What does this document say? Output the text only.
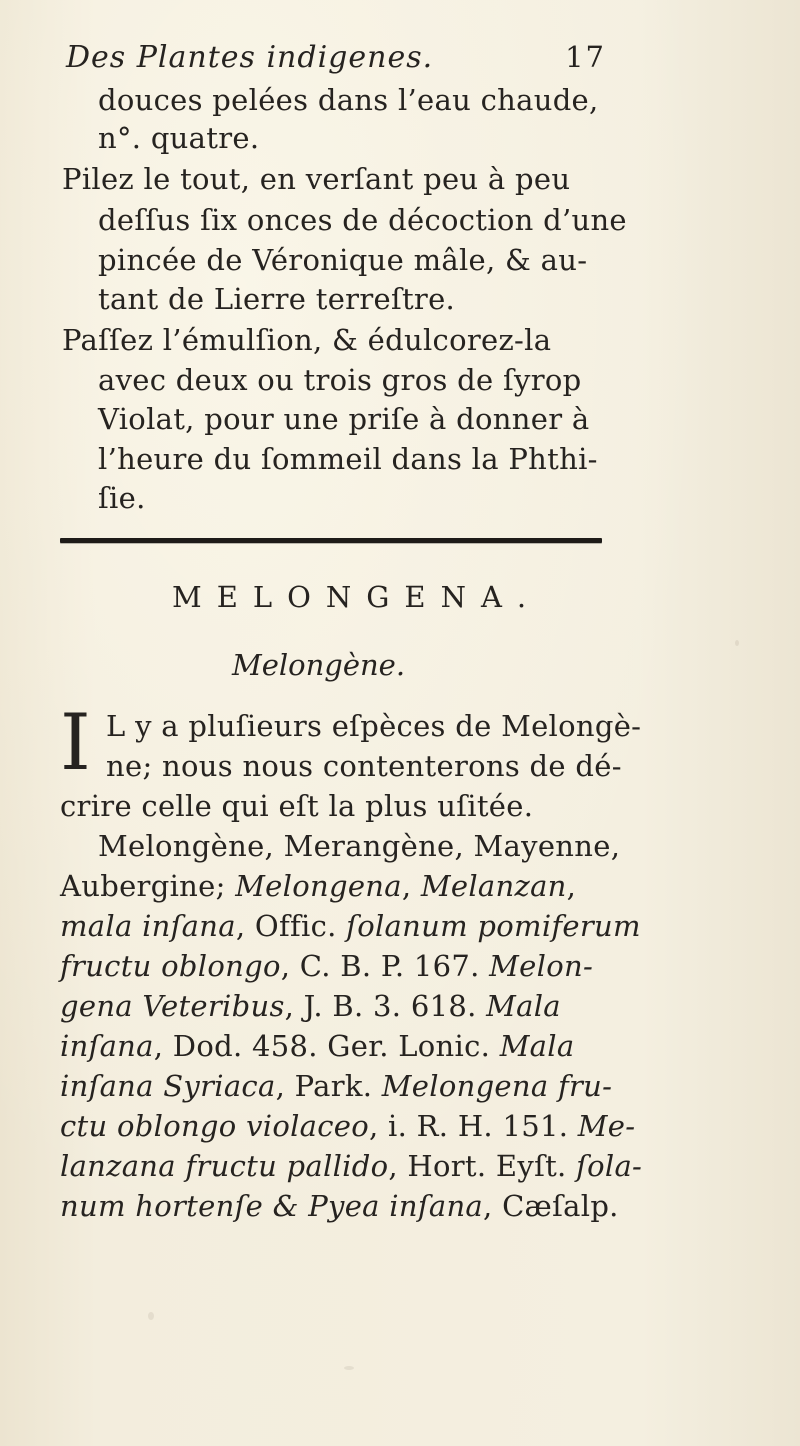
Des Plantes indigenes.	17
douces pelées dans l’eau chaude,
n°. quatre.
Pilez le tout, en verſant peu à peu
deſſus ſix onces de décoction d’une
pincée de Véronique mâle, & au-
tant de Lierre terreſtre.
Paſſez l’émulſion, & édulcorez-la
avec deux ou trois gros de ſyrop
Violat, pour une priſe à donner à
l’heure du ſommeil dans la Phthi-
ſie.
MELONGENA.
Melongène.
I L y a pluſieurs eſpèces de Melongè-
ne; nous nous contenterons de dé-
crire celle qui eſt la plus uſitée.
Melongène, Merangène, Mayenne,
Aubergine; Melongena, Melanzan,
mala inſana, Offic. ſolanum pomiferum
fructu oblongo, C. B. P. 167. Melon-
gena Veteribus, J. B. 3. 618. Mala
inſana, Dod. 458. Ger. Lonic. Mala
inſana Syriaca, Park. Melongena fru-
ctu oblongo violaceo, i. R. H. 151. Me-
lanzana fructu pallido, Hort. Eyſt. ſola-
num hortenſe & Pyea inſana, Cæſalp.
